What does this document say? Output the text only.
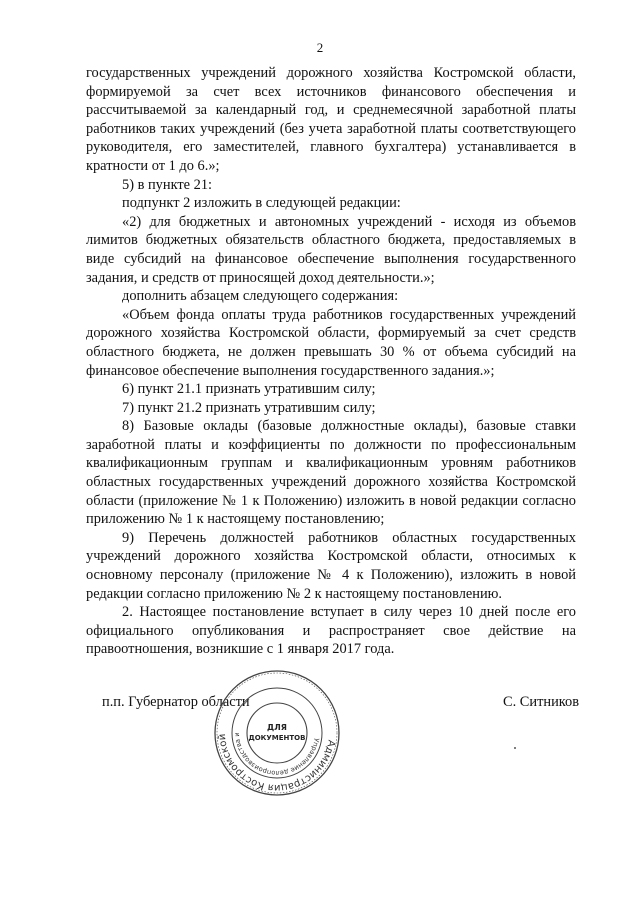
2

государственных учреждений дорожного хозяйства Костромской области, формируемой за счет всех источников финансового обеспечения и рассчитываемой за календарный год, и среднемесячной заработной платы работников таких учреждений (без учета заработной платы соответствующего руководителя, его заместителей, главного бухгалтера) устанавливается в кратности от 1 до 6.»;

5) в пункте 21:

подпункт 2 изложить в следующей редакции:

«2) для бюджетных и автономных учреждений - исходя из объемов лимитов бюджетных обязательств областного бюджета, предоставляемых в виде субсидий на финансовое обеспечение выполнения государственного задания, и средств от приносящей доход деятельности.»;

дополнить абзацем следующего содержания:

«Объем фонда оплаты труда работников государственных учреждений дорожного хозяйства Костромской области, формируемый за счет средств областного бюджета, не должен превышать 30 % от объема субсидий на финансовое обеспечение выполнения государственного задания.»;

6) пункт 21.1 признать утратившим силу;

7) пункт 21.2 признать утратившим силу;

8) Базовые оклады (базовые должностные оклады), базовые ставки заработной платы и коэффициенты по должности по профессиональным квалификационным группам и квалификационным уровням работников областных государственных учреждений дорожного хозяйства Костромской области (приложение № 1 к Положению) изложить в новой редакции согласно приложению № 1 к настоящему постановлению;

9) Перечень должностей работников областных государственных учреждений дорожного хозяйства Костромской области, относимых к основному персоналу (приложение № 4 к Положению), изложить в новой редакции согласно приложению № 2 к настоящему постановлению.

2. Настоящее постановление вступает в силу через 10 дней после его официального опубликования и распространяет свое действие на правоотношения, возникшие с 1 января 2017 года.

п.п. Губернатор области	С. Ситников
Администрация Костромской	Управление делопроизводства и
ДЛЯ
ДОКУМЕНТОВ
